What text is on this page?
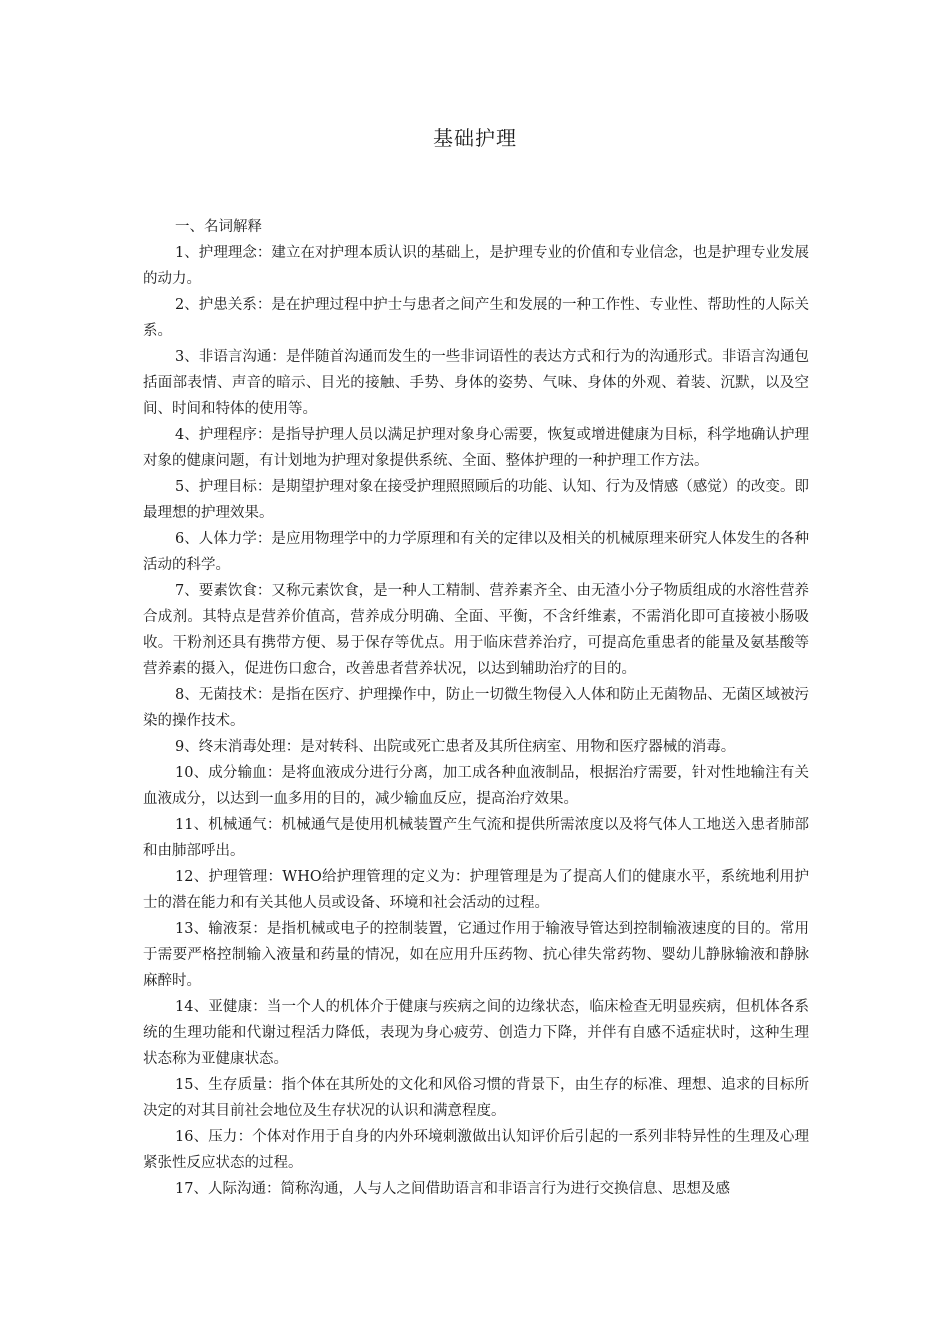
基础护理

一、名词解释

1、护理理念：建立在对护理本质认识的基础上，是护理专业的价值和专业信念，也是护理专业发展的动力。

2、护患关系：是在护理过程中护士与患者之间产生和发展的一种工作性、专业性、帮助性的人际关系。

3、非语言沟通：是伴随首沟通而发生的一些非词语性的表达方式和行为的沟通形式。非语言沟通包括面部表情、声音的暗示、目光的接触、手势、身体的姿势、气味、身体的外观、着装、沉默，以及空间、时间和特体的使用等。

4、护理程序：是指导护理人员以满足护理对象身心需要，恢复或增进健康为目标，科学地确认护理对象的健康问题，有计划地为护理对象提供系统、全面、整体护理的一种护理工作方法。

5、护理目标：是期望护理对象在接受护理照照顾后的功能、认知、行为及情感（感觉）的改变。即最理想的护理效果。

6、人体力学：是应用物理学中的力学原理和有关的定律以及相关的机械原理来研究人体发生的各种活动的科学。

7、要素饮食：又称元素饮食，是一种人工精制、营养素齐全、由无渣小分子物质组成的水溶性营养合成剂。其特点是营养价值高，营养成分明确、全面、平衡，不含纤维素，不需消化即可直接被小肠吸收。干粉剂还具有携带方便、易于保存等优点。用于临床营养治疗，可提高危重患者的能量及氨基酸等营养素的摄入，促进伤口愈合，改善患者营养状况，以达到辅助治疗的目的。

8、无菌技术：是指在医疗、护理操作中，防止一切微生物侵入人体和防止无菌物品、无菌区域被污染的操作技术。

9、终末消毒处理：是对转科、出院或死亡患者及其所住病室、用物和医疗器械的消毒。

10、成分输血：是将血液成分进行分离，加工成各种血液制品，根据治疗需要，针对性地输注有关血液成分，以达到一血多用的目的，减少输血反应，提高治疗效果。

11、机械通气：机械通气是使用机械装置产生气流和提供所需浓度以及将气体人工地送入患者肺部和由肺部呼出。

12、护理管理：WHO给护理管理的定义为：护理管理是为了提高人们的健康水平，系统地利用护士的潜在能力和有关其他人员或设备、环境和社会活动的过程。

13、输液泵：是指机械或电子的控制装置，它通过作用于输液导管达到控制输液速度的目的。常用于需要严格控制输入液量和药量的情况，如在应用升压药物、抗心律失常药物、婴幼儿静脉输液和静脉麻醉时。

14、亚健康：当一个人的机体介于健康与疾病之间的边缘状态，临床检查无明显疾病，但机体各系统的生理功能和代谢过程活力降低，表现为身心疲劳、创造力下降，并伴有自感不适症状时，这种生理状态称为亚健康状态。

15、生存质量：指个体在其所处的文化和风俗习惯的背景下，由生存的标准、理想、追求的目标所决定的对其目前社会地位及生存状况的认识和满意程度。

16、压力：个体对作用于自身的内外环境刺激做出认知评价后引起的一系列非特异性的生理及心理紧张性反应状态的过程。

17、人际沟通：简称沟通，人与人之间借助语言和非语言行为进行交换信息、思想及感
